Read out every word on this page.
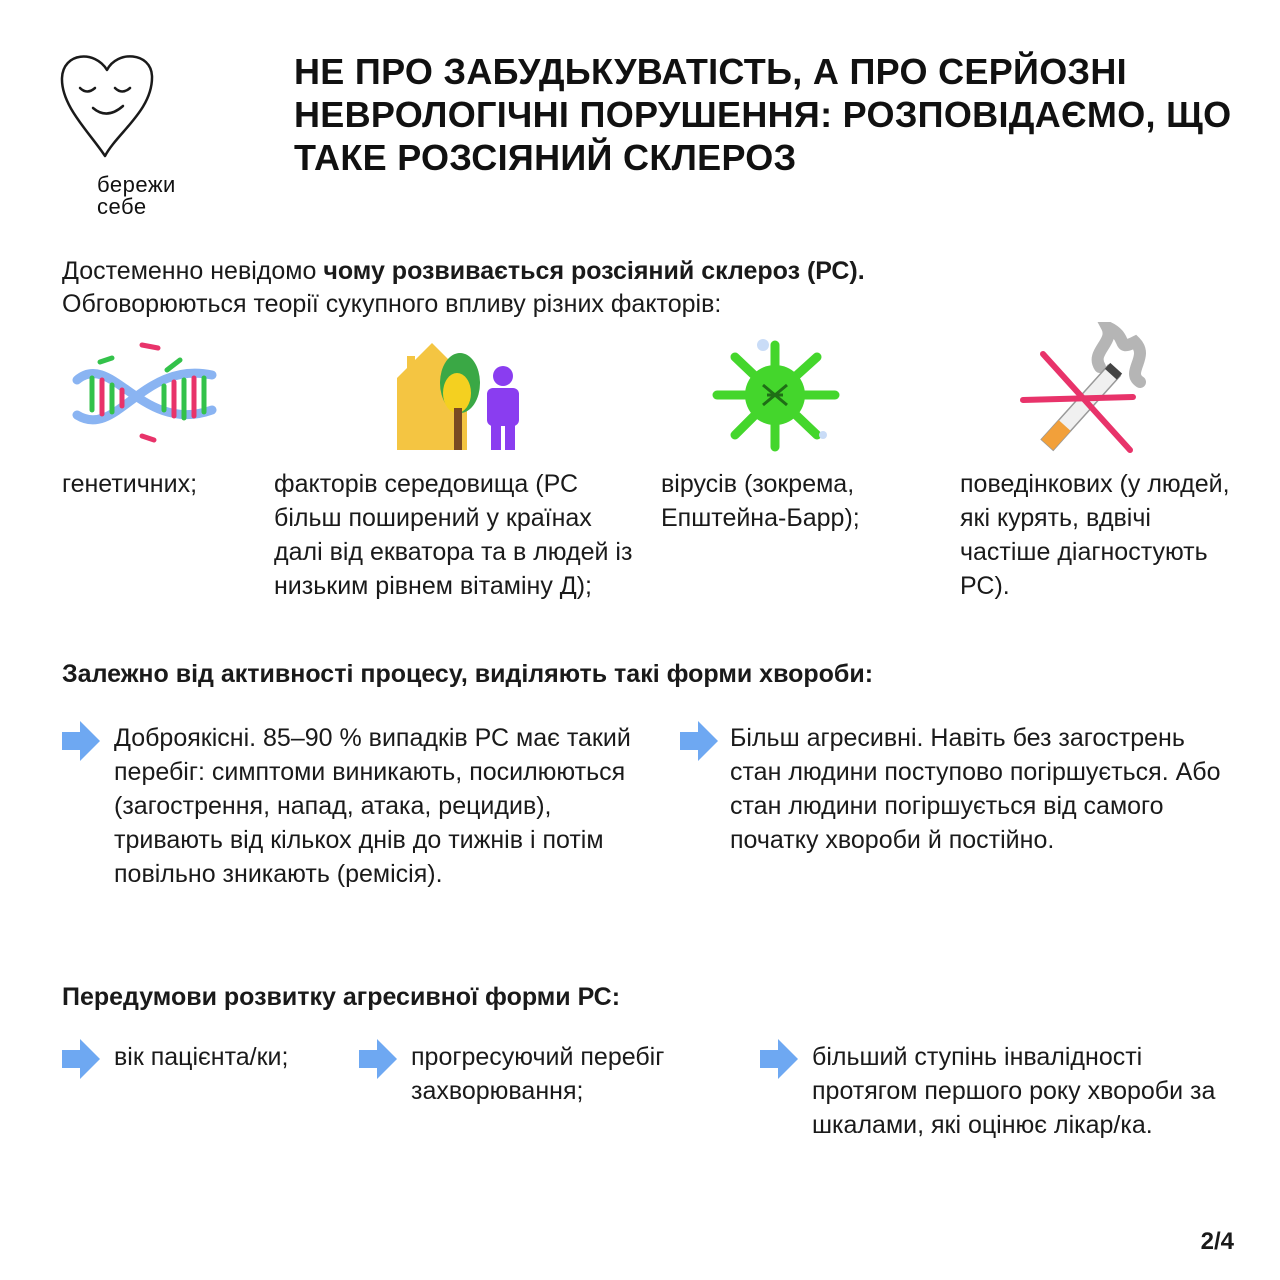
бережи
себе
НЕ ПРО ЗАБУДЬКУВАТІСТЬ, А ПРО СЕРЙОЗНІ НЕВРОЛОГІЧНІ ПОРУШЕННЯ: РОЗПОВІДАЄМО, ЩО ТАКЕ РОЗСІЯНИЙ СКЛЕРОЗ
Достеменно невідомо чому розвивається розсіяний склероз (РС).
Обговорюються теорії сукупного впливу різних факторів:
генетичних;	факторів середовища (РС більш поширений у країнах далі від екватора та в людей із низьким рівнем вітаміну Д);
вірусів (зокрема, Епштейна-Барр);
поведінкових (у людей, які курять, вдвічі частіше діагностують РС).
Залежно від активності процесу, виділяють такі форми хвороби:
Доброякісні. 85–90 % випадків РС має такий перебіг: симптоми виникають, посилюються (загострення, напад, атака, рецидив), тривають від кількох днів до тижнів і потім повільно зникають (ремісія).
Більш агресивні. Навіть без загострень стан людини поступово погіршується. Або стан людини погіршується від самого початку хвороби й постійно.
Передумови розвитку агресивної форми РС:
вік пацієнта/ки;	прогресуючий перебіг захворювання;
більший ступінь інвалідності протягом першого року хвороби за шкалами, які оцінює лікар/ка.
2/4
